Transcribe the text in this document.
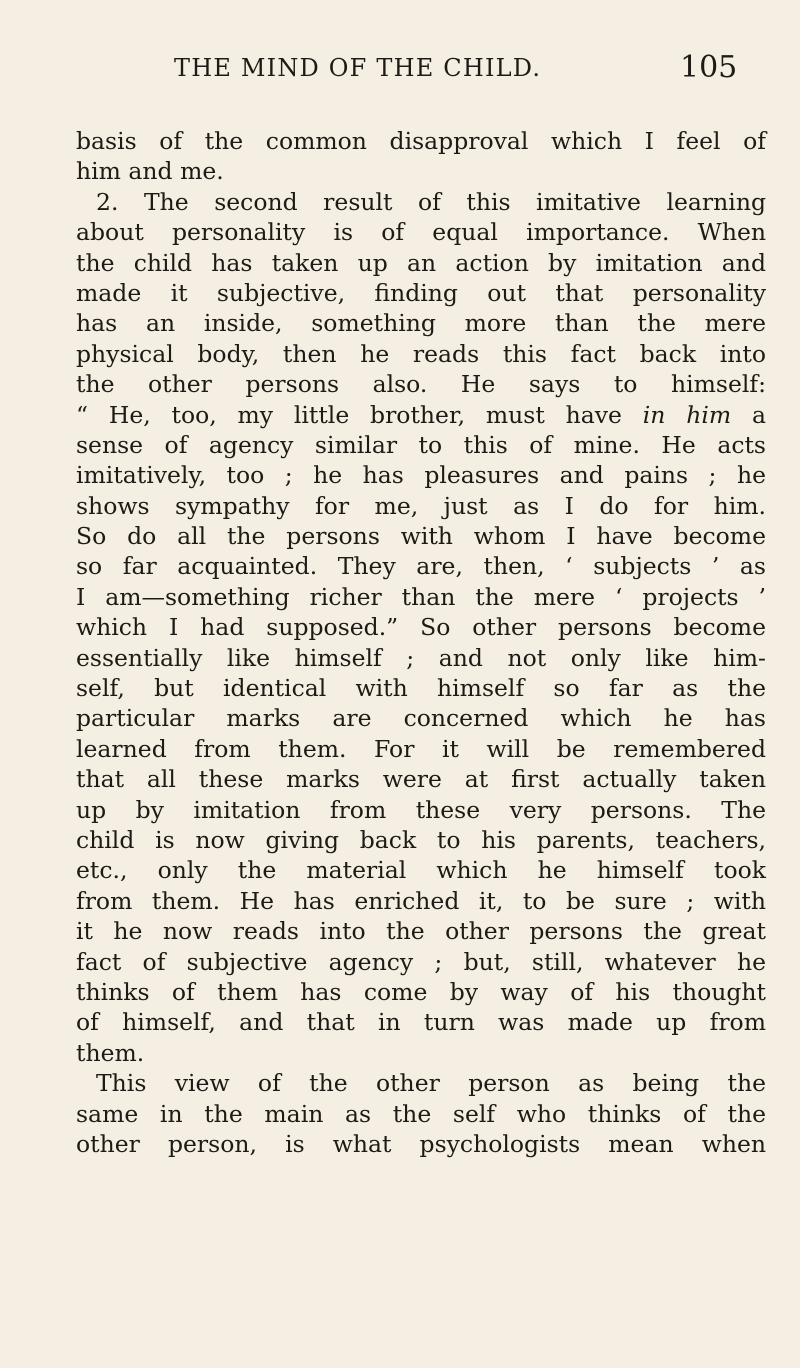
THE MIND OF THE CHILD.	105
basis of the common disapproval which I feel of
him and me.
2. The second result of this imitative learning
about personality is of equal importance. When
the child has taken up an action by imitation and
made it subjective, finding out that personality
has an inside, something more than the mere
physical body, then he reads this fact back into
the other persons also. He says to himself:
“ He, too, my little brother, must have in him a
sense of agency similar to this of mine. He acts
imitatively, too ; he has pleasures and pains ; he
shows sympathy for me, just as I do for him.
So do all the persons with whom I have become
so far acquainted. They are, then, ‘ subjects ’ as
I am—something richer than the mere ‘ projects ’
which I had supposed.” So other persons become
essentially like himself ; and not only like him-
self, but identical with himself so far as the
particular marks are concerned which he has
learned from them. For it will be remembered
that all these marks were at first actually taken
up by imitation from these very persons. The
child is now giving back to his parents, teachers,
etc., only the material which he himself took
from them. He has enriched it, to be sure ; with
it he now reads into the other persons the great
fact of subjective agency ; but, still, whatever he
thinks of them has come by way of his thought
of himself, and that in turn was made up from
them.
This view of the other person as being the
same in the main as the self who thinks of the
other person, is what psychologists mean when
